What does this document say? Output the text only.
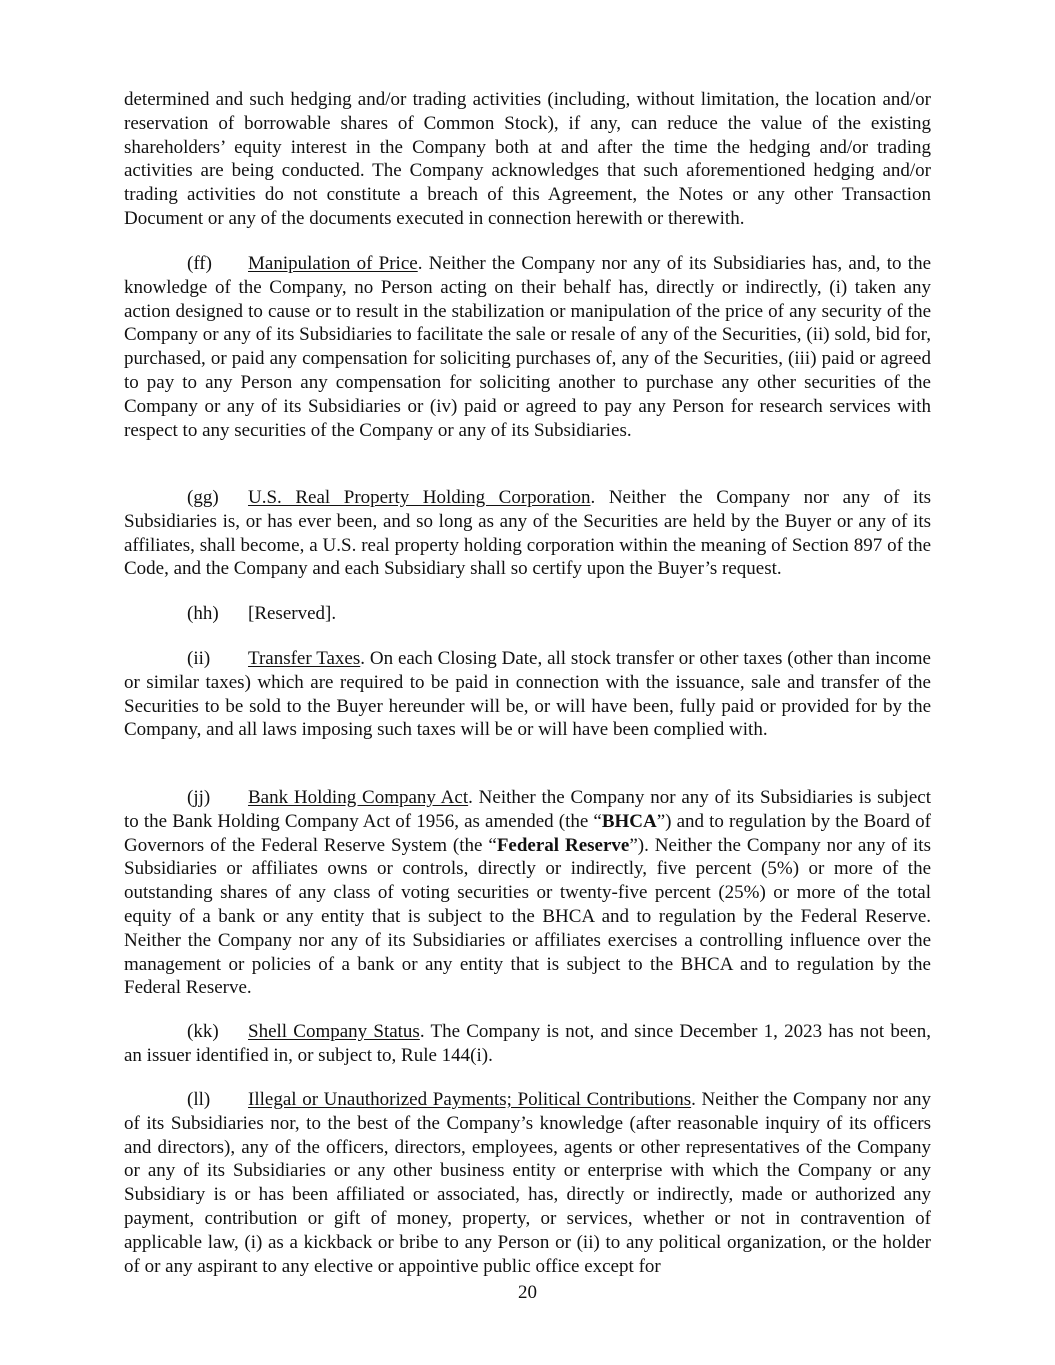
determined and such hedging and/or trading activities (including, without limitation, the location and/or reservation of borrowable shares of Common Stock), if any, can reduce the value of the existing shareholders’ equity interest in the Company both at and after the time the hedging and/or trading activities are being conducted. The Company acknowledges that such aforementioned hedging and/or trading activities do not constitute a breach of this Agreement, the Notes or any other Transaction Document or any of the documents executed in connection herewith or therewith.

(ff) Manipulation of Price. Neither the Company nor any of its Subsidiaries has, and, to the knowledge of the Company, no Person acting on their behalf has, directly or indirectly, (i) taken any action designed to cause or to result in the stabilization or manipulation of the price of any security of the Company or any of its Subsidiaries to facilitate the sale or resale of any of the Securities, (ii) sold, bid for, purchased, or paid any compensation for soliciting purchases of, any of the Securities, (iii) paid or agreed to pay to any Person any compensation for soliciting another to purchase any other securities of the Company or any of its Subsidiaries or (iv) paid or agreed to pay any Person for research services with respect to any securities of the Company or any of its Subsidiaries.

(gg) U.S. Real Property Holding Corporation. Neither the Company nor any of its Subsidiaries is, or has ever been, and so long as any of the Securities are held by the Buyer or any of its affiliates, shall become, a U.S. real property holding corporation within the meaning of Section 897 of the Code, and the Company and each Subsidiary shall so certify upon the Buyer’s request.

(hh) [Reserved].

(ii) Transfer Taxes. On each Closing Date, all stock transfer or other taxes (other than income or similar taxes) which are required to be paid in connection with the issuance, sale and transfer of the Securities to be sold to the Buyer hereunder will be, or will have been, fully paid or provided for by the Company, and all laws imposing such taxes will be or will have been complied with.

(jj) Bank Holding Company Act. Neither the Company nor any of its Subsidiaries is subject to the Bank Holding Company Act of 1956, as amended (the “BHCA”) and to regulation by the Board of Governors of the Federal Reserve System (the “Federal Reserve”). Neither the Company nor any of its Subsidiaries or affiliates owns or controls, directly or indirectly, five percent (5%) or more of the outstanding shares of any class of voting securities or twenty-five percent (25%) or more of the total equity of a bank or any entity that is subject to the BHCA and to regulation by the Federal Reserve. Neither the Company nor any of its Subsidiaries or affiliates exercises a controlling influence over the management or policies of a bank or any entity that is subject to the BHCA and to regulation by the Federal Reserve.

(kk) Shell Company Status. The Company is not, and since December 1, 2023 has not been, an issuer identified in, or subject to, Rule 144(i).

(ll) Illegal or Unauthorized Payments; Political Contributions. Neither the Company nor any of its Subsidiaries nor, to the best of the Company’s knowledge (after reasonable inquiry of its officers and directors), any of the officers, directors, employees, agents or other representatives of the Company or any of its Subsidiaries or any other business entity or enterprise with which the Company or any Subsidiary is or has been affiliated or associated, has, directly or indirectly, made or authorized any payment, contribution or gift of money, property, or services, whether or not in contravention of applicable law, (i) as a kickback or bribe to any Person or (ii) to any political organization, or the holder of or any aspirant to any elective or appointive public office except for

20
